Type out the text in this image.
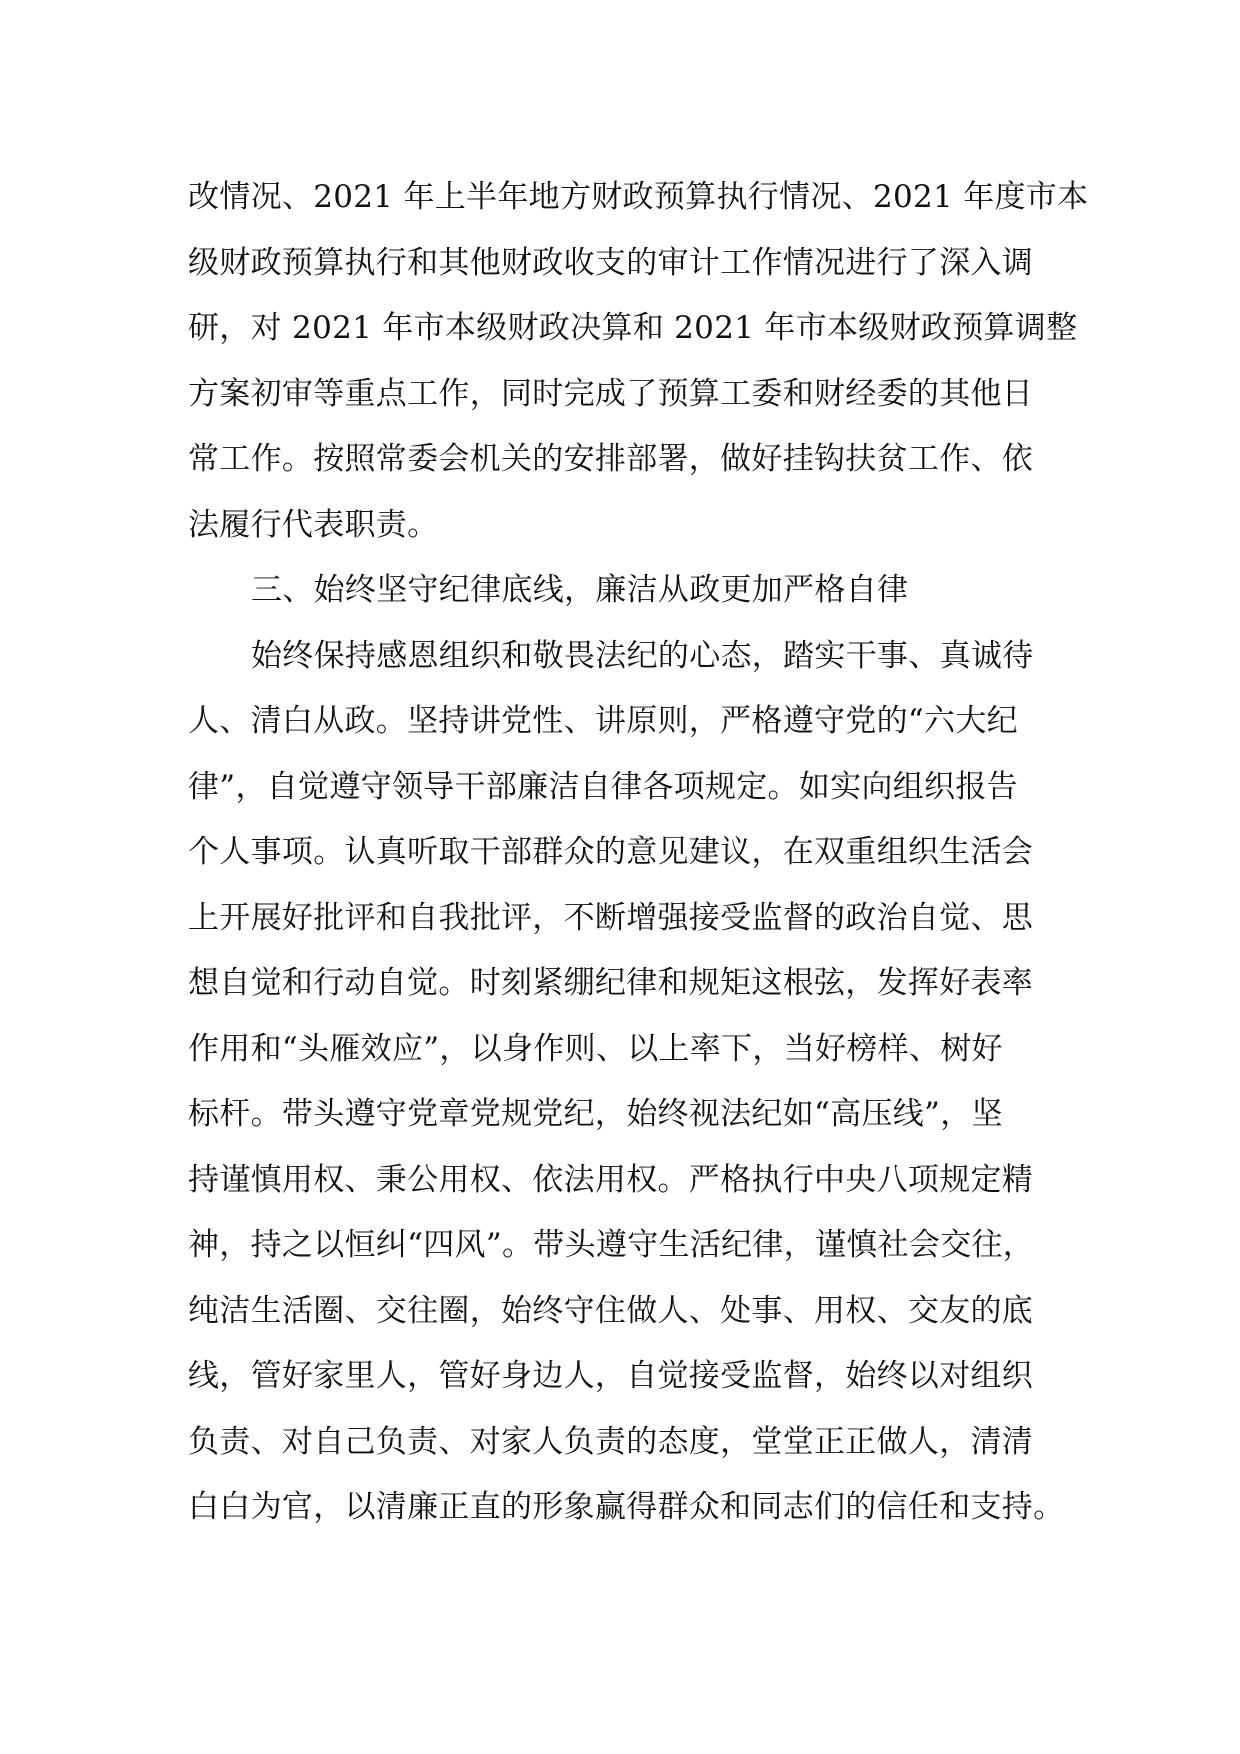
改情况、2021 年上半年地方财政预算执行情况、2021 年度市本
级财政预算执行和其他财政收支的审计工作情况进行了深入调
研，对 2021 年市本级财政决算和 2021 年市本级财政预算调整
方案初审等重点工作，同时完成了预算工委和财经委的其他日
常工作。按照常委会机关的安排部署，做好挂钩扶贫工作、依
法履行代表职责。
三、始终坚守纪律底线，廉洁从政更加严格自律
始终保持感恩组织和敬畏法纪的心态，踏实干事、真诚待
人、清白从政。坚持讲党性、讲原则，严格遵守党的“六大纪
律”，自觉遵守领导干部廉洁自律各项规定。如实向组织报告
个人事项。认真听取干部群众的意见建议，在双重组织生活会
上开展好批评和自我批评，不断增强接受监督的政治自觉、思
想自觉和行动自觉。时刻紧绷纪律和规矩这根弦，发挥好表率
作用和“头雁效应”，以身作则、以上率下，当好榜样、树好
标杆。带头遵守党章党规党纪，始终视法纪如“高压线”，坚
持谨慎用权、秉公用权、依法用权。严格执行中央八项规定精
神，持之以恒纠“四风”。带头遵守生活纪律，谨慎社会交往，
纯洁生活圈、交往圈，始终守住做人、处事、用权、交友的底
线，管好家里人，管好身边人，自觉接受监督，始终以对组织
负责、对自己负责、对家人负责的态度，堂堂正正做人，清清
白白为官，以清廉正直的形象赢得群众和同志们的信任和支持。
